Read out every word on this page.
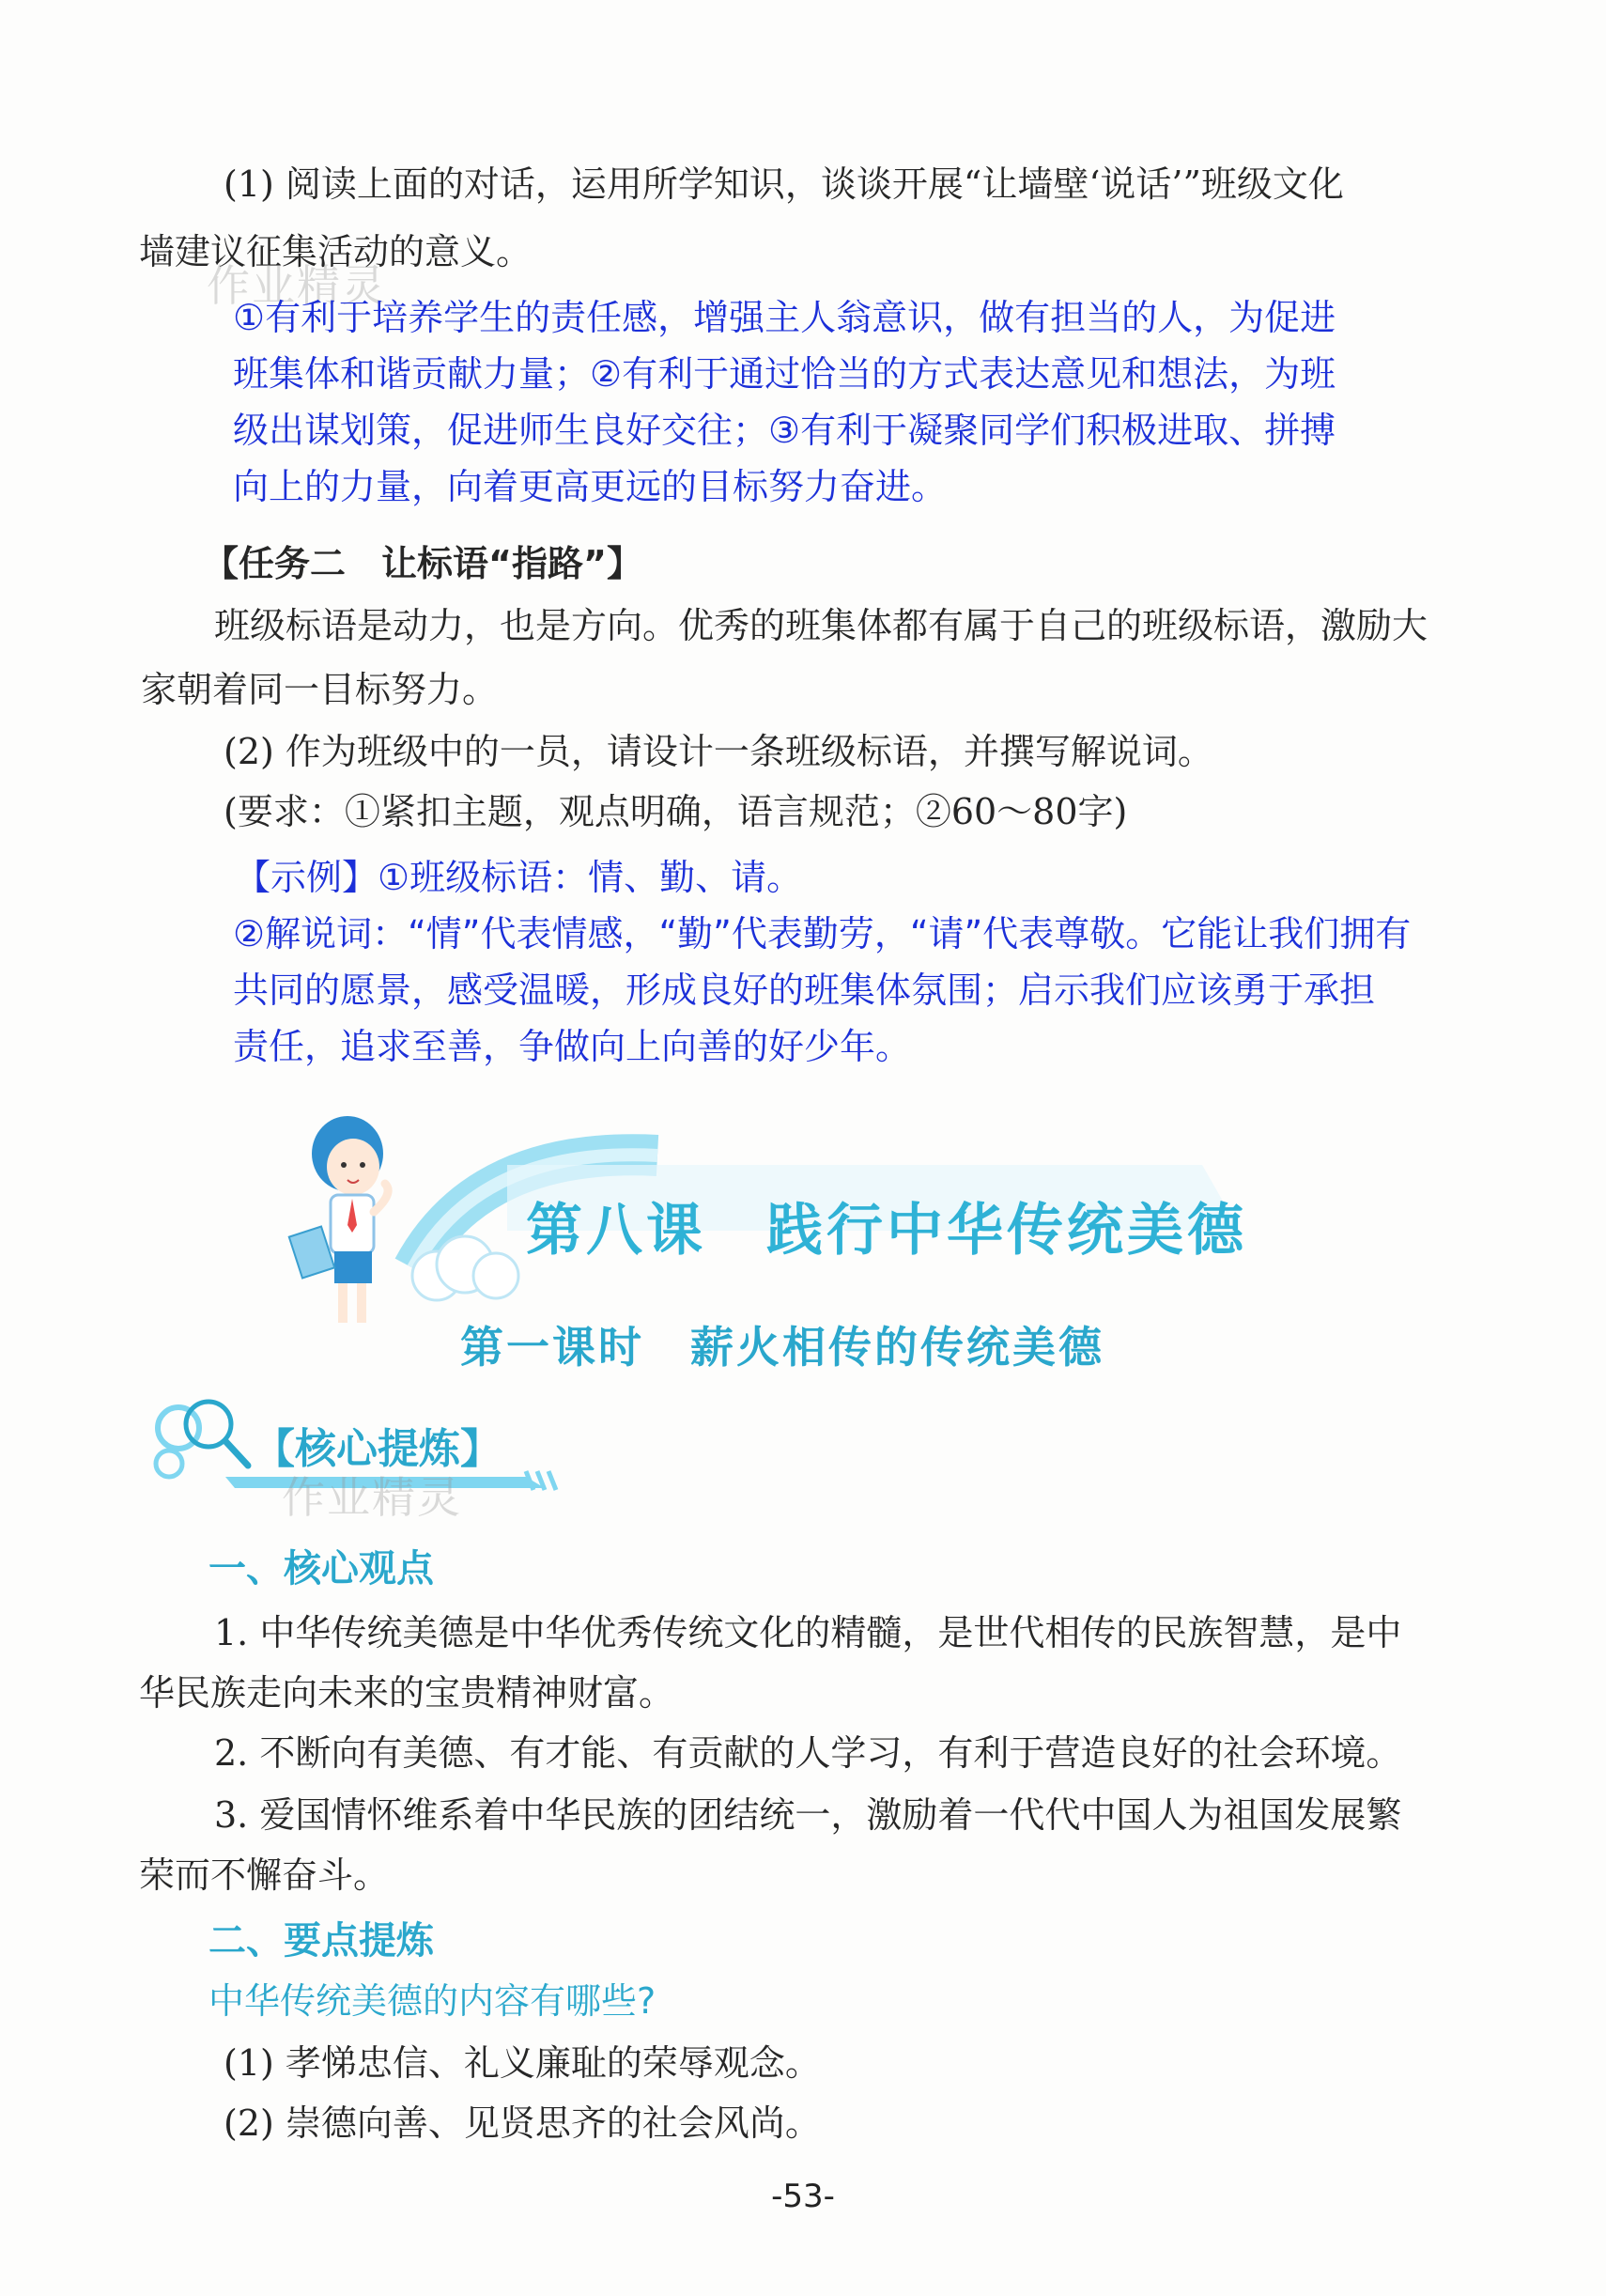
(1) 阅读上面的对话，运用所学知识，谈谈开展“让墙壁‘说话’”班级文化
墙建议征集活动的意义。
作业精灵
①有利于培养学生的责任感，增强主人翁意识，做有担当的人，为促进
班集体和谐贡献力量；②有利于通过恰当的方式表达意见和想法，为班
级出谋划策，促进师生良好交往；③有利于凝聚同学们积极进取、拼搏
向上的力量，向着更高更远的目标努力奋进。
【任务二　让标语“指路”】
班级标语是动力，也是方向。优秀的班集体都有属于自己的班级标语，激励大
家朝着同一目标努力。
(2) 作为班级中的一员，请设计一条班级标语，并撰写解说词。
(要求：①紧扣主题，观点明确，语言规范；②60～80字)
【示例】①班级标语：情、勤、请。
②解说词：“情”代表情感，“勤”代表勤劳，“请”代表尊敬。它能让我们拥有
共同的愿景，感受温暖，形成良好的班集体氛围；启示我们应该勇于承担
责任，追求至善，争做向上向善的好少年。
第八课　践行中华传统美德
第一课时　薪火相传的传统美德
【核心提炼】
作业精灵
一、核心观点
1. 中华传统美德是中华优秀传统文化的精髓，是世代相传的民族智慧，是中
华民族走向未来的宝贵精神财富。
2. 不断向有美德、有才能、有贡献的人学习，有利于营造良好的社会环境。
3. 爱国情怀维系着中华民族的团结统一，激励着一代代中国人为祖国发展繁
荣而不懈奋斗。
二、要点提炼
中华传统美德的内容有哪些?
(1) 孝悌忠信、礼义廉耻的荣辱观念。
(2) 崇德向善、见贤思齐的社会风尚。
-53-
